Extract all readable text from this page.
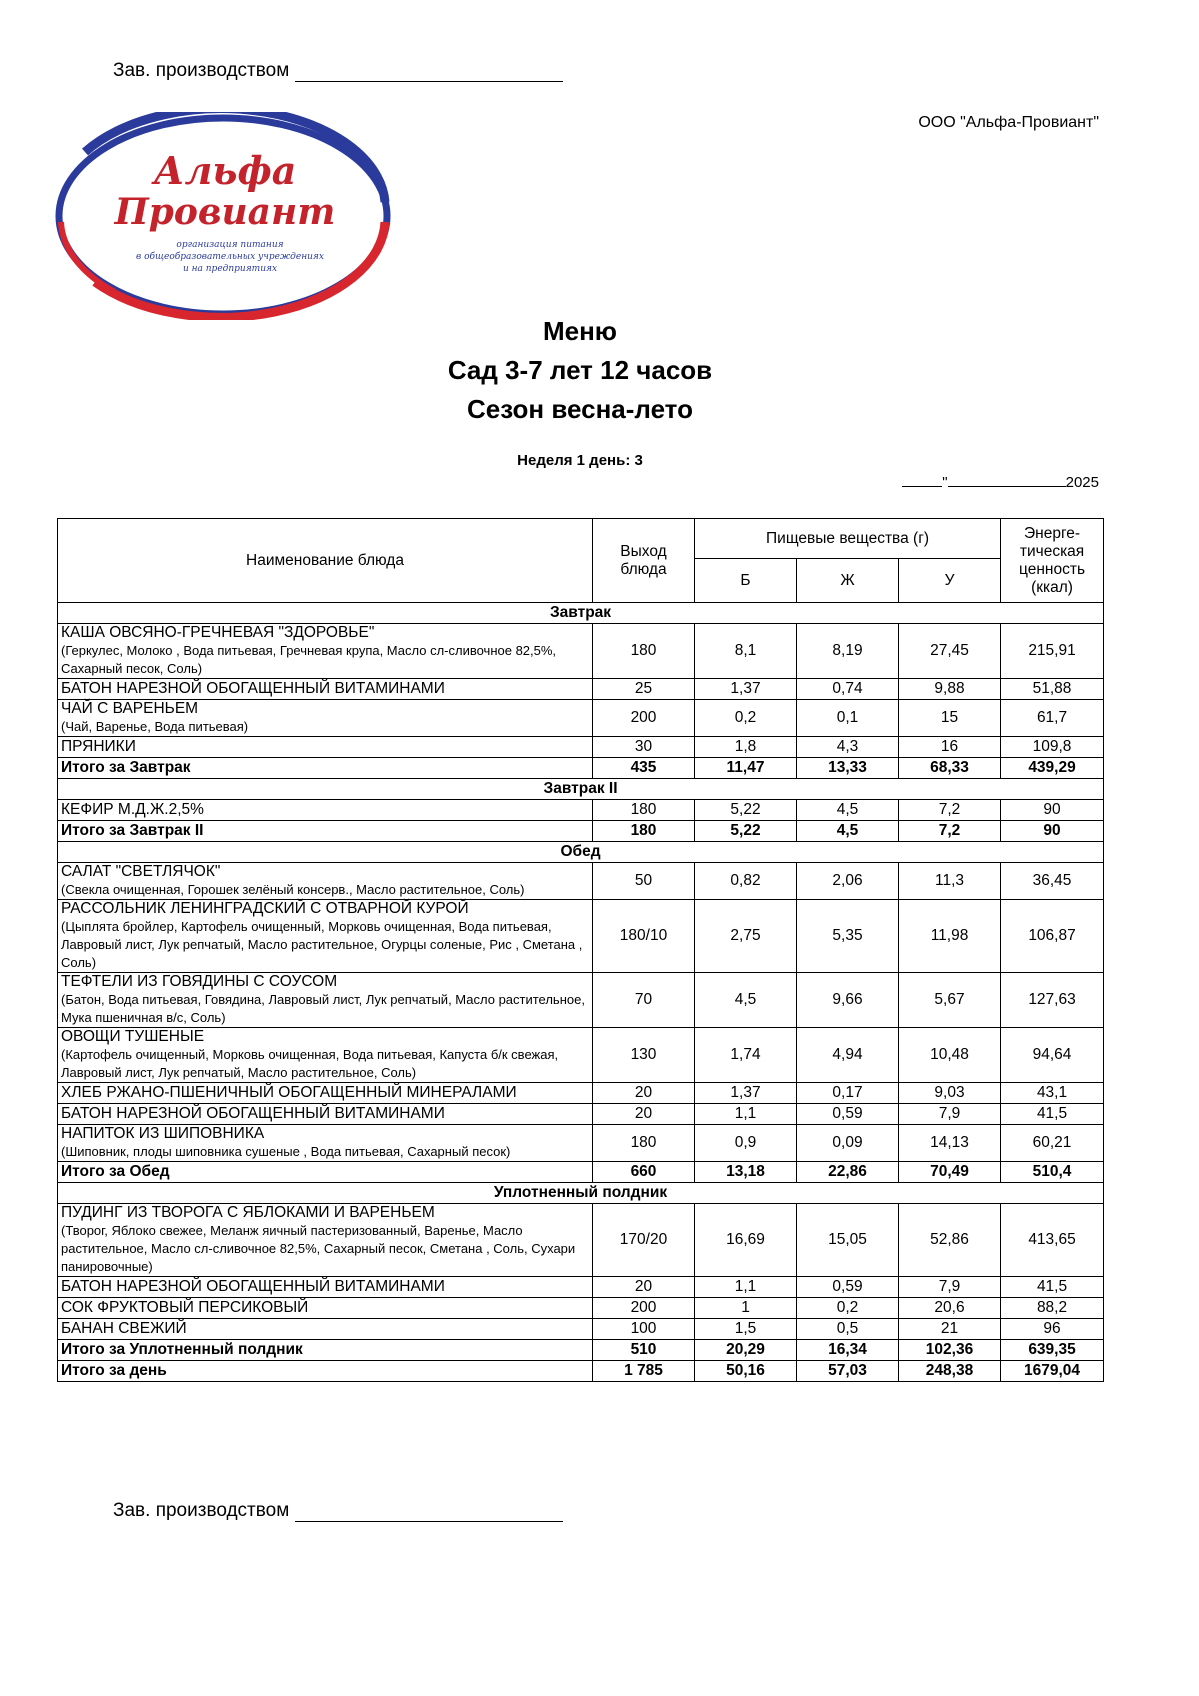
Зав. производством
ООО "Альфа-Провиант"
Альфа
Провиант
организация питания
в общеобразовательных учреждениях
и на предприятиях
Меню
Сад 3-7 лет 12 часов
Сезон весна-лето
Неделя 1 день: 3
"	2025
Наименование блюда	Выход блюда	Пищевые вещества (г)			Энерге-тическая ценность (ккал)
		Б	Ж	У	
Завтрак					
КАША ОВСЯНО-ГРЕЧНЕВАЯ "ЗДОРОВЬЕ"
(Геркулес, Молоко , Вода питьевая, Гречневая крупа, Масло сл-сливочное 82,5%, Сахарный песок, Соль)	180	8,1	8,19	27,45	215,91
БАТОН НАРЕЗНОЙ ОБОГАЩЕННЫЙ ВИТАМИНАМИ	25	1,37	0,74	9,88	51,88
ЧАЙ С ВАРЕНЬЕМ
(Чай, Варенье, Вода питьевая)	200	0,2	0,1	15	61,7
ПРЯНИКИ	30	1,8	4,3	16	109,8
Итого за Завтрак	435	11,47	13,33	68,33	439,29
Завтрак II					
КЕФИР М.Д.Ж.2,5%	180	5,22	4,5	7,2	90
Итого за Завтрак II	180	5,22	4,5	7,2	90
Обед					
САЛАТ "СВЕТЛЯЧОК"
(Свекла очищенная, Горошек зелёный консерв., Масло растительное, Соль)	50	0,82	2,06	11,3	36,45
РАССОЛЬНИК ЛЕНИНГРАДСКИЙ С ОТВАРНОЙ КУРОЙ
(Цыплята бройлер, Картофель очищенный, Морковь очищенная, Вода питьевая, Лавровый лист, Лук репчатый, Масло растительное, Огурцы соленые, Рис , Сметана , Соль)	180/10	2,75	5,35	11,98	106,87
ТЕФТЕЛИ ИЗ ГОВЯДИНЫ С СОУСОМ
(Батон, Вода питьевая, Говядина, Лавровый лист, Лук репчатый, Масло растительное, Мука пшеничная в/с, Соль)	70	4,5	9,66	5,67	127,63
ОВОЩИ ТУШЕНЫЕ
(Картофель очищенный, Морковь очищенная, Вода питьевая, Капуста б/к свежая, Лавровый лист, Лук репчатый, Масло растительное, Соль)	130	1,74	4,94	10,48	94,64
ХЛЕБ РЖАНО-ПШЕНИЧНЫЙ ОБОГАЩЕННЫЙ МИНЕРАЛАМИ	20	1,37	0,17	9,03	43,1
БАТОН НАРЕЗНОЙ ОБОГАЩЕННЫЙ ВИТАМИНАМИ	20	1,1	0,59	7,9	41,5
НАПИТОК ИЗ ШИПОВНИКА
(Шиповник, плоды шиповника сушеные , Вода питьевая, Сахарный песок)	180	0,9	0,09	14,13	60,21
Итого за Обед	660	13,18	22,86	70,49	510,4
Уплотненный полдник					
ПУДИНГ ИЗ ТВОРОГА С ЯБЛОКАМИ И ВАРЕНЬЕМ
(Творог, Яблоко свежее, Меланж яичный пастеризованный, Варенье, Масло растительное, Масло сл-сливочное 82,5%, Сахарный песок, Сметана , Соль, Сухари панировочные)	170/20	16,69	15,05	52,86	413,65
БАТОН НАРЕЗНОЙ ОБОГАЩЕННЫЙ ВИТАМИНАМИ	20	1,1	0,59	7,9	41,5
СОК ФРУКТОВЫЙ ПЕРСИКОВЫЙ	200	1	0,2	20,6	88,2
БАНАН СВЕЖИЙ	100	1,5	0,5	21	96
Итого за Уплотненный полдник	510	20,29	16,34	102,36	639,35
Итого за день	1 785	50,16	57,03	248,38	1679,04
Зав. производством
